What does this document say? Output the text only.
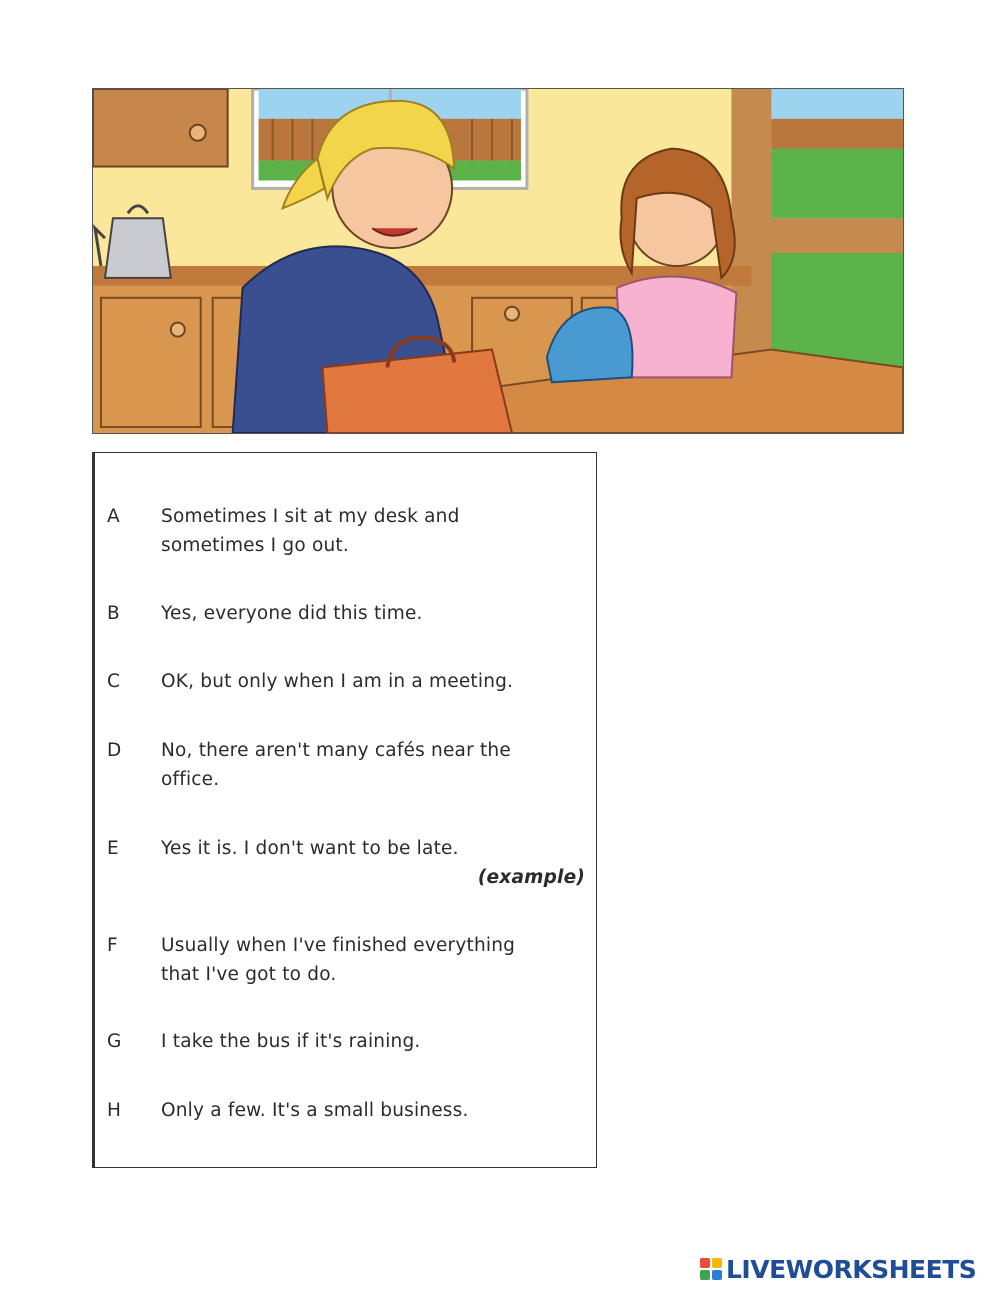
A	Sometimes I sit at my desk and
sometimes I go out.
B	Yes, everyone did this time.
C	OK, but only when I am in a meeting.
D	No, there aren't many cafés near the
office.
E	Yes it is. I don't want to be late.
(example)
F	Usually when I've finished everything
that I've got to do.
G	I take the bus if it's raining.
H	Only a few. It's a small business.
LIVEWORKSHEETS
